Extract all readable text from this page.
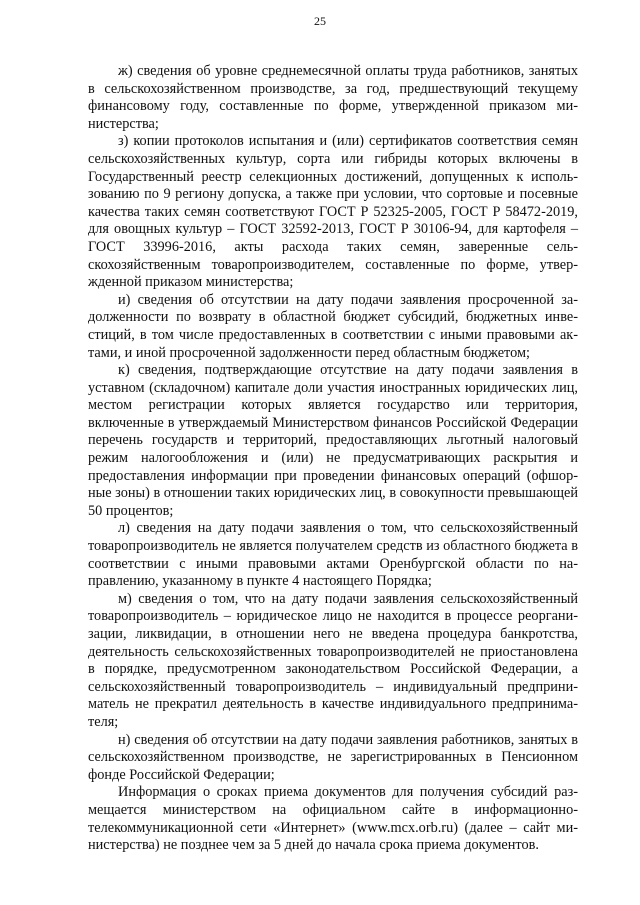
25

ж) сведения об уровне среднемесячной оплаты труда работников, занятых в сельскохозяйственном производстве, за год, предшествующий текущему финансовому году, составленные по форме, утвержденной приказом министерства;

з) копии протоколов испытания и (или) сертификатов соответствия семян сельскохозяйственных культур, сорта или гибриды которых включены в Государственный реестр селекционных достижений, допущенных к использованию по 9 региону допуска, а также при условии, что сортовые и посевные качества таких семян соответствуют ГОСТ Р 52325-2005, ГОСТ Р 58472-2019, для овощных культур – ГОСТ 32592-2013, ГОСТ Р 30106-94, для картофеля – ГОСТ 33996-2016, акты расхода таких семян, заверенные сельскохозяйственным товаропроизводителем, составленные по форме, утвержденной приказом министерства;

и) сведения об отсутствии на дату подачи заявления просроченной задолженности по возврату в областной бюджет субсидий, бюджетных инвестиций, в том числе предоставленных в соответствии с иными правовыми актами, и иной просроченной задолженности перед областным бюджетом;

к) сведения, подтверждающие отсутствие на дату подачи заявления в уставном (складочном) капитале доли участия иностранных юридических лиц, местом регистрации которых является государство или территория, включенные в утверждаемый Министерством финансов Российской Федерации перечень государств и территорий, предоставляющих льготный налоговый режим налогообложения и (или) не предусматривающих раскрытия и предоставления информации при проведении финансовых операций (офшорные зоны) в отношении таких юридических лиц, в совокупности превышающей 50 процентов;

л) сведения на дату подачи заявления о том, что сельскохозяйственный товаропроизводитель не является получателем средств из областного бюджета в соответствии с иными правовыми актами Оренбургской области по направлению, указанному в пункте 4 настоящего Порядка;

м) сведения о том, что на дату подачи заявления сельскохозяйственный товаропроизводитель – юридическое лицо не находится в процессе реорганизации, ликвидации, в отношении него не введена процедура банкротства, деятельность сельскохозяйственных товаропроизводителей не приостановлена в порядке, предусмотренном законодательством Российской Федерации, а сельскохозяйственный товаропроизводитель – индивидуальный предприниматель не прекратил деятельность в качестве индивидуального предпринимателя;

н) сведения об отсутствии на дату подачи заявления работников, занятых в сельскохозяйственном производстве, не зарегистрированных в Пенсионном фонде Российской Федерации;

Информация о сроках приема документов для получения субсидий размещается министерством на официальном сайте в информационно-телекоммуникационной сети «Интернет» (www.mcx.orb.ru) (далее – сайт министерства) не позднее чем за 5 дней до начала срока приема документов.
